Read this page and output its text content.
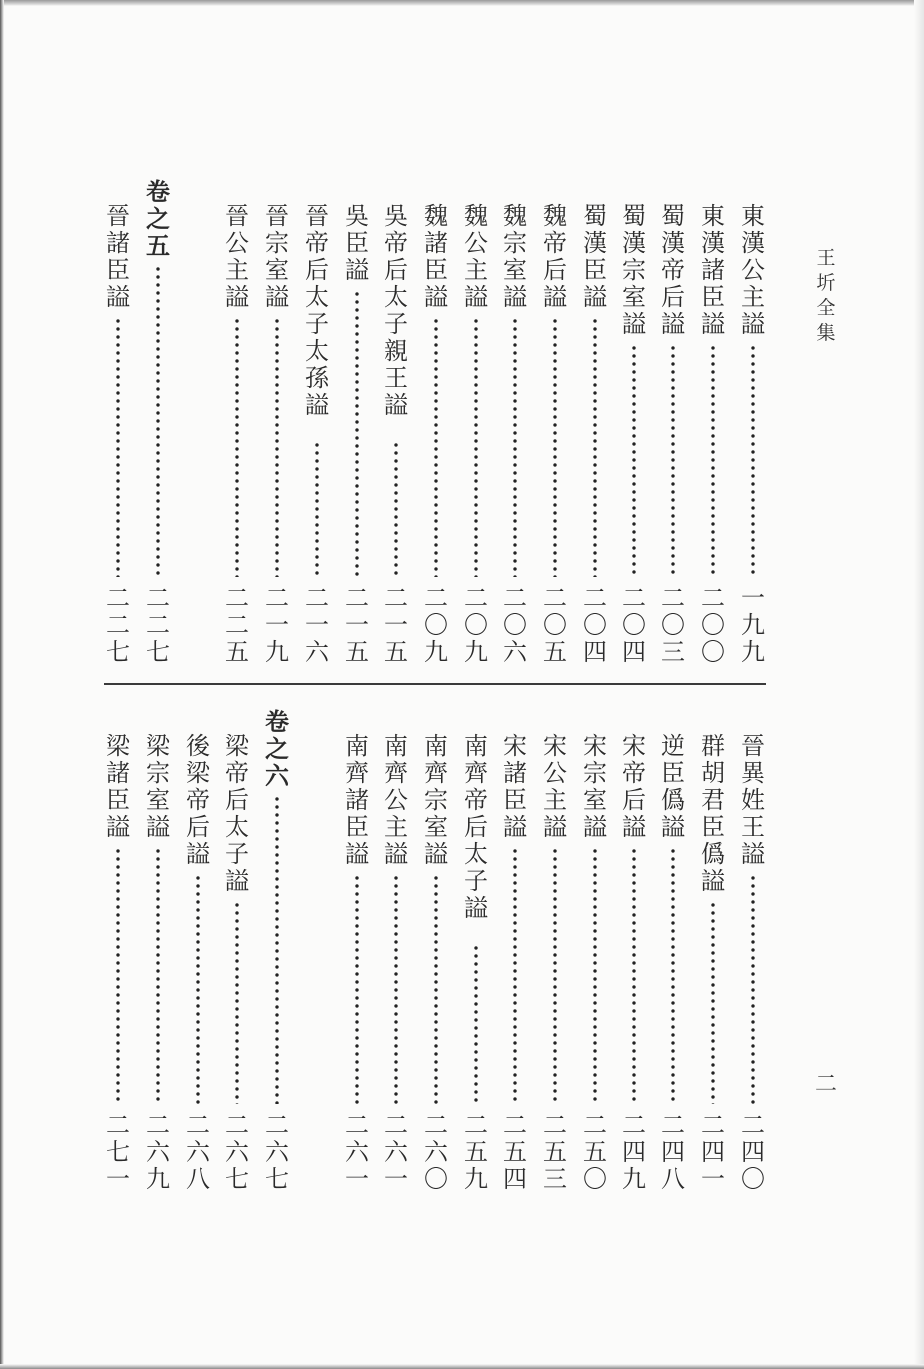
王
圻
全
集
二
東
漢
公
主
謚
一
九
九
東
漢
諸
臣
謚
二
〇
〇
蜀
漢
帝
后
謚
二
〇
三
蜀
漢
宗
室
謚
二
〇
四
蜀
漢
臣
謚
二
〇
四
魏
帝
后
謚
二
〇
五
魏
宗
室
謚
二
〇
六
魏
公
主
謚
二
〇
九
魏
諸
臣
謚
二
〇
九
吳
帝
后
太
子
親
王
謚
二
一
五
吳
臣
謚
二
一
五
晉
帝
后
太
子
太
孫
謚
二
一
六
晉
宗
室
謚
二
一
九
晉
公
主
謚
二
二
五
卷
之
五
二
二
七
晉
諸
臣
謚
二
二
七
晉
異
姓
王
謚
二
四
〇
群
胡
君
臣
僞
謚
二
四
一
逆
臣
僞
謚
二
四
八
宋
帝
后
謚
二
四
九
宋
宗
室
謚
二
五
〇
宋
公
主
謚
二
五
三
宋
諸
臣
謚
二
五
四
南
齊
帝
后
太
子
謚
二
五
九
南
齊
宗
室
謚
二
六
〇
南
齊
公
主
謚
二
六
一
南
齊
諸
臣
謚
二
六
一
卷
之
六
二
六
七
梁
帝
后
太
子
謚
二
六
七
後
梁
帝
后
謚
二
六
八
梁
宗
室
謚
二
六
九
梁
諸
臣
謚
二
七
一
